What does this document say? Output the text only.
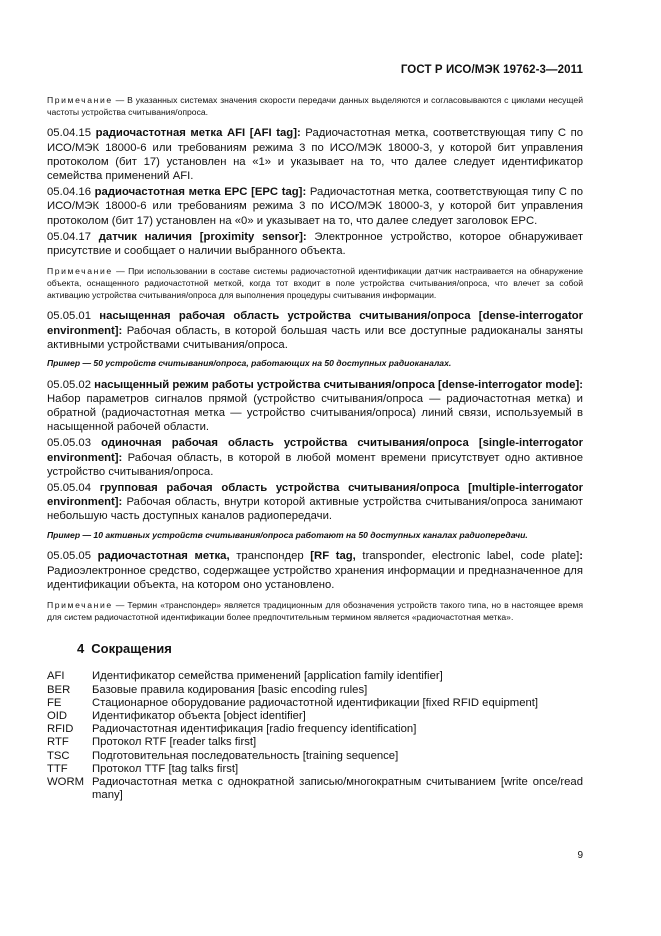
ГОСТ Р ИСО/МЭК 19762-3—2011

Примечание — В указанных системах значения скорости передачи данных выделяются и согласовываются с циклами несущей частоты устройства считывания/опроса.

05.04.15 радиочастотная метка AFI [AFI tag]: Радиочастотная метка, соответствующая типу C по ИСО/МЭК 18000-6 или требованиям режима 3 по ИСО/МЭК 18000-3, у которой бит управления протоколом (бит 17) установлен на «1» и указывает на то, что далее следует идентификатор семейства применений AFI.

05.04.16 радиочастотная метка EPC [EPC tag]: Радиочастотная метка, соответствующая типу C по ИСО/МЭК 18000-6 или требованиям режима 3 по ИСО/МЭК 18000-3, у которой бит управления протоколом (бит 17) установлен на «0» и указывает на то, что далее следует заголовок EPC.

05.04.17 датчик наличия [proximity sensor]: Электронное устройство, которое обнаруживает присутствие и сообщает о наличии выбранного объекта.

Примечание — При использовании в составе системы радиочастотной идентификации датчик настраивается на обнаружение объекта, оснащенного радиочастотной меткой, когда тот входит в поле устройства считывания/опроса, что влечет за собой активацию устройства считывания/опроса для выполнения процедуры считывания информации.

05.05.01 насыщенная рабочая область устройства считывания/опроса [dense-interrogator environment]: Рабочая область, в которой большая часть или все доступные радиоканалы заняты активными устройствами считывания/опроса.

Пример — 50 устройств считывания/опроса, работающих на 50 доступных радиоканалах.

05.05.02 насыщенный режим работы устройства считывания/опроса [dense-interrogator mode]: Набор параметров сигналов прямой (устройство считывания/опроса — радиочастотная метка) и обратной (радиочастотная метка — устройство считывания/опроса) линий связи, используемый в насыщенной рабочей области.

05.05.03 одиночная рабочая область устройства считывания/опроса [single-interrogator environment]: Рабочая область, в которой в любой момент времени присутствует одно активное устройство считывания/опроса.

05.05.04 групповая рабочая область устройства считывания/опроса [multiple-interrogator environment]: Рабочая область, внутри которой активные устройства считывания/опроса занимают небольшую часть доступных каналов радиопередачи.

Пример — 10 активных устройств считывания/опроса работают на 50 доступных каналах радиопередачи.

05.05.05 радиочастотная метка, транспондер [RF tag, transponder, electronic label, code plate]: Радиоэлектронное средство, содержащее устройство хранения информации и предназначенное для идентификации объекта, на котором оно установлено.

Примечание — Термин «транспондер» является традиционным для обозначения устройств такого типа, но в настоящее время для систем радиочастотной идентификации более предпочтительным термином является «радиочастотная метка».

4 Сокращения
AFI	Идентификатор семейства применений [application family identifier]
BER	Базовые правила кодирования [basic encoding rules]
FE	Стационарное оборудование радиочастотной идентификации [fixed RFID equipment]
OID	Идентификатор объекта [object identifier]
RFID	Радиочастотная идентификация [radio frequency identification]
RTF	Протокол RTF [reader talks first]
TSC	Подготовительная последовательность [training sequence]
TTF	Протокол TTF [tag talks first]
WORM	Радиочастотная метка с однократной записью/многократным считыванием [write once/read many]
9
